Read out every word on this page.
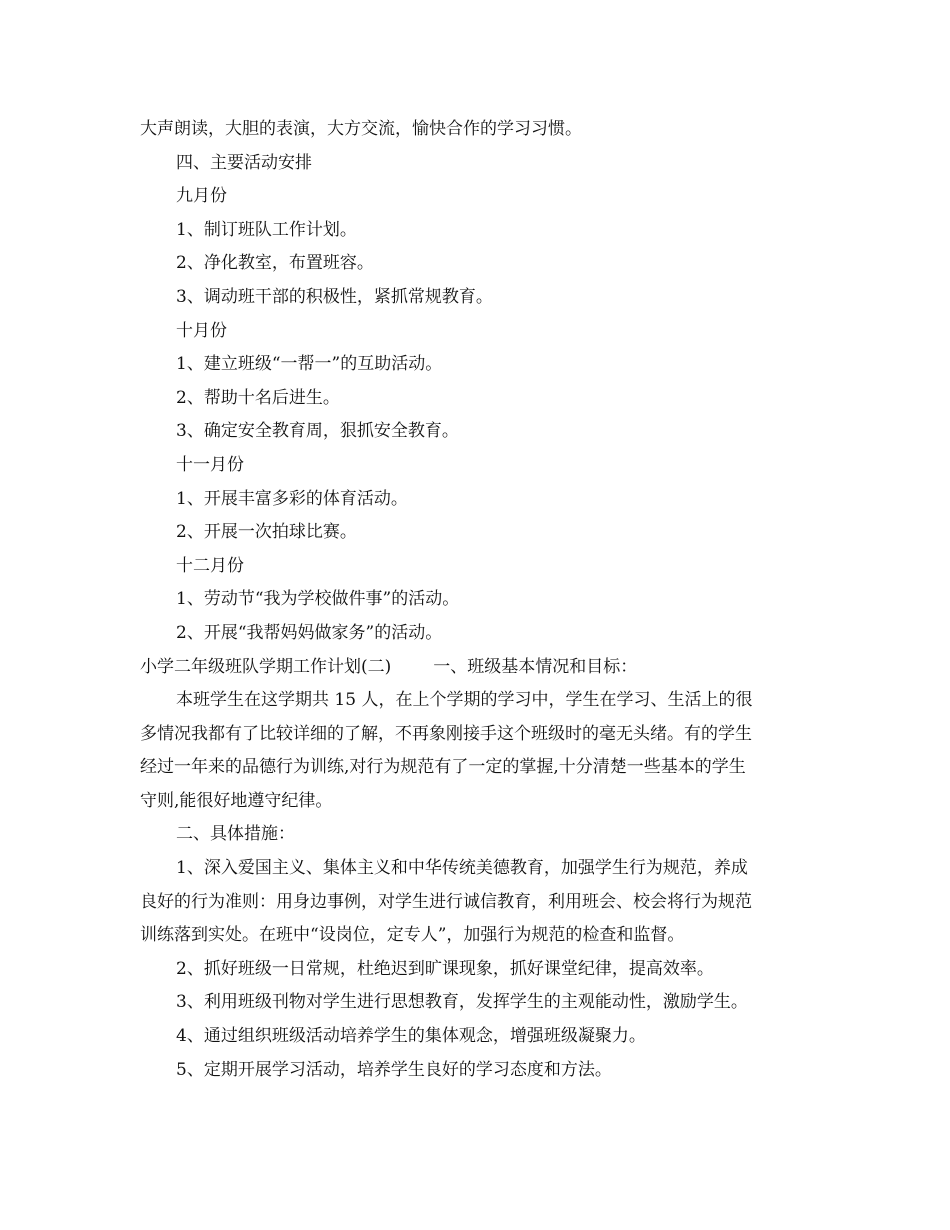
大声朗读，大胆的表演，大方交流，愉快合作的学习习惯。
四、主要活动安排
九月份
1、制订班队工作计划。
2、净化教室，布置班容。
3、调动班干部的积极性，紧抓常规教育。
十月份
1、建立班级“一帮一”的互助活动。
2、帮助十名后进生。
3、确定安全教育周，狠抓安全教育。
十一月份
1、开展丰富多彩的体育活动。
2、开展一次拍球比赛。
十二月份
1、劳动节“我为学校做件事”的活动。
2、开展“我帮妈妈做家务”的活动。
小学二年级班队学期工作计划(二) 一、班级基本情况和目标：
本班学生在这学期共 15 人，在上个学期的学习中，学生在学习、生活上的很
多情况我都有了比较详细的了解，不再象刚接手这个班级时的毫无头绪。有的学生
经过一年来的品德行为训练,对行为规范有了一定的掌握,十分清楚一些基本的学生
守则,能很好地遵守纪律。
二、具体措施：
1、深入爱国主义、集体主义和中华传统美德教育，加强学生行为规范，养成
良好的行为准则：用身边事例，对学生进行诚信教育，利用班会、校会将行为规范
训练落到实处。在班中“设岗位，定专人”，加强行为规范的检查和监督。
2、抓好班级一日常规，杜绝迟到旷课现象，抓好课堂纪律，提高效率。
3、利用班级刊物对学生进行思想教育，发挥学生的主观能动性，激励学生。
4、通过组织班级活动培养学生的集体观念，增强班级凝聚力。
5、定期开展学习活动，培养学生良好的学习态度和方法。
